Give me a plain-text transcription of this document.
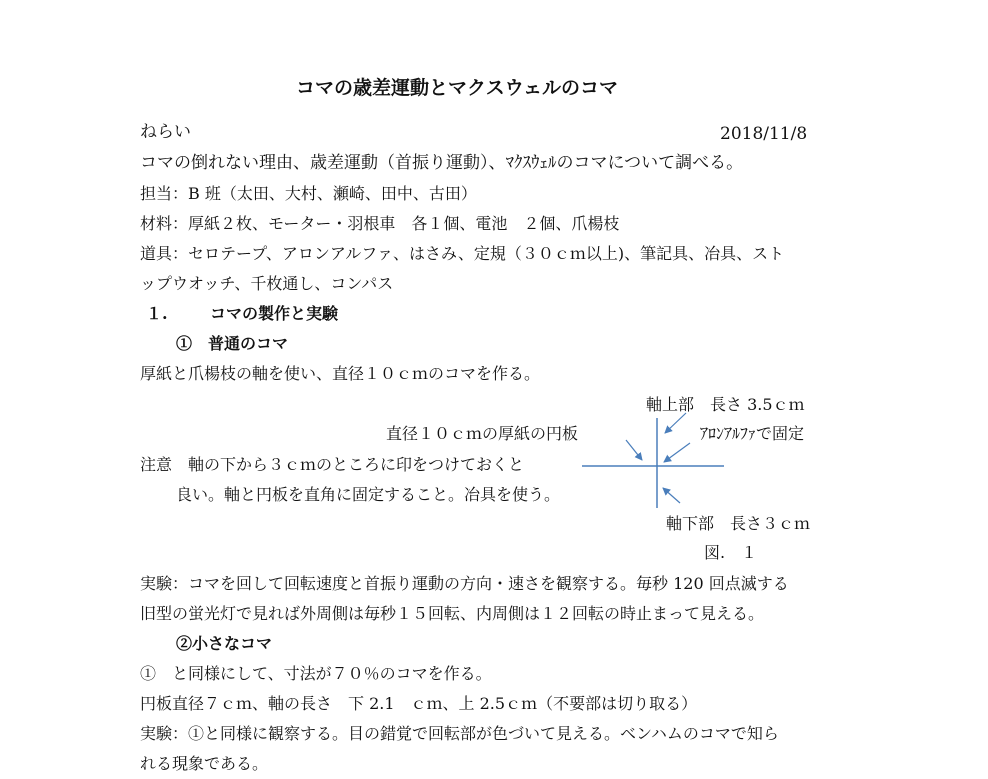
コマの歳差運動とマクスウェルのコマ
ねらい	2018/11/8
コマの倒れない理由、歳差運動（首振り運動）、ﾏｸｽｳｪﾙのコマについて調べる。
担当：B 班（太田、大村、瀬崎、田中、古田）
材料：厚紙２枚、モーター・羽根車　各１個、電池　２個、爪楊枝
道具：セロテープ、アロンアルファ、はさみ、定規（３０ｃｍ以上)、筆記具、冶具、スト
ップウオッチ、千枚通し、コンパス
１.	コマの製作と実験
①　普通のコマ
厚紙と爪楊枝の軸を使い、直径１０ｃｍのコマを作る。
軸上部　長さ 3.5ｃｍ
直径１０ｃｍの厚紙の円板	ｱﾛﾝｱﾙﾌｧで固定
注意　軸の下から３ｃｍのところに印をつけておくと
良い。軸と円板を直角に固定すること。冶具を使う。
軸下部　長さ３ｃｍ
図.　１
実験：コマを回して回転速度と首振り運動の方向・速さを観察する。毎秒 120 回点滅する
旧型の蛍光灯で見れば外周側は毎秒１５回転、内周側は１２回転の時止まって見える。
②小さなコマ
①　と同様にして、寸法が７０％のコマを作る。
円板直径７ｃｍ、軸の長さ　下 2.1　ｃｍ、上 2.5ｃｍ（不要部は切り取る）
実験：①と同様に観察する。目の錯覚で回転部が色づいて見える。ベンハムのコマで知ら
れる現象である。
